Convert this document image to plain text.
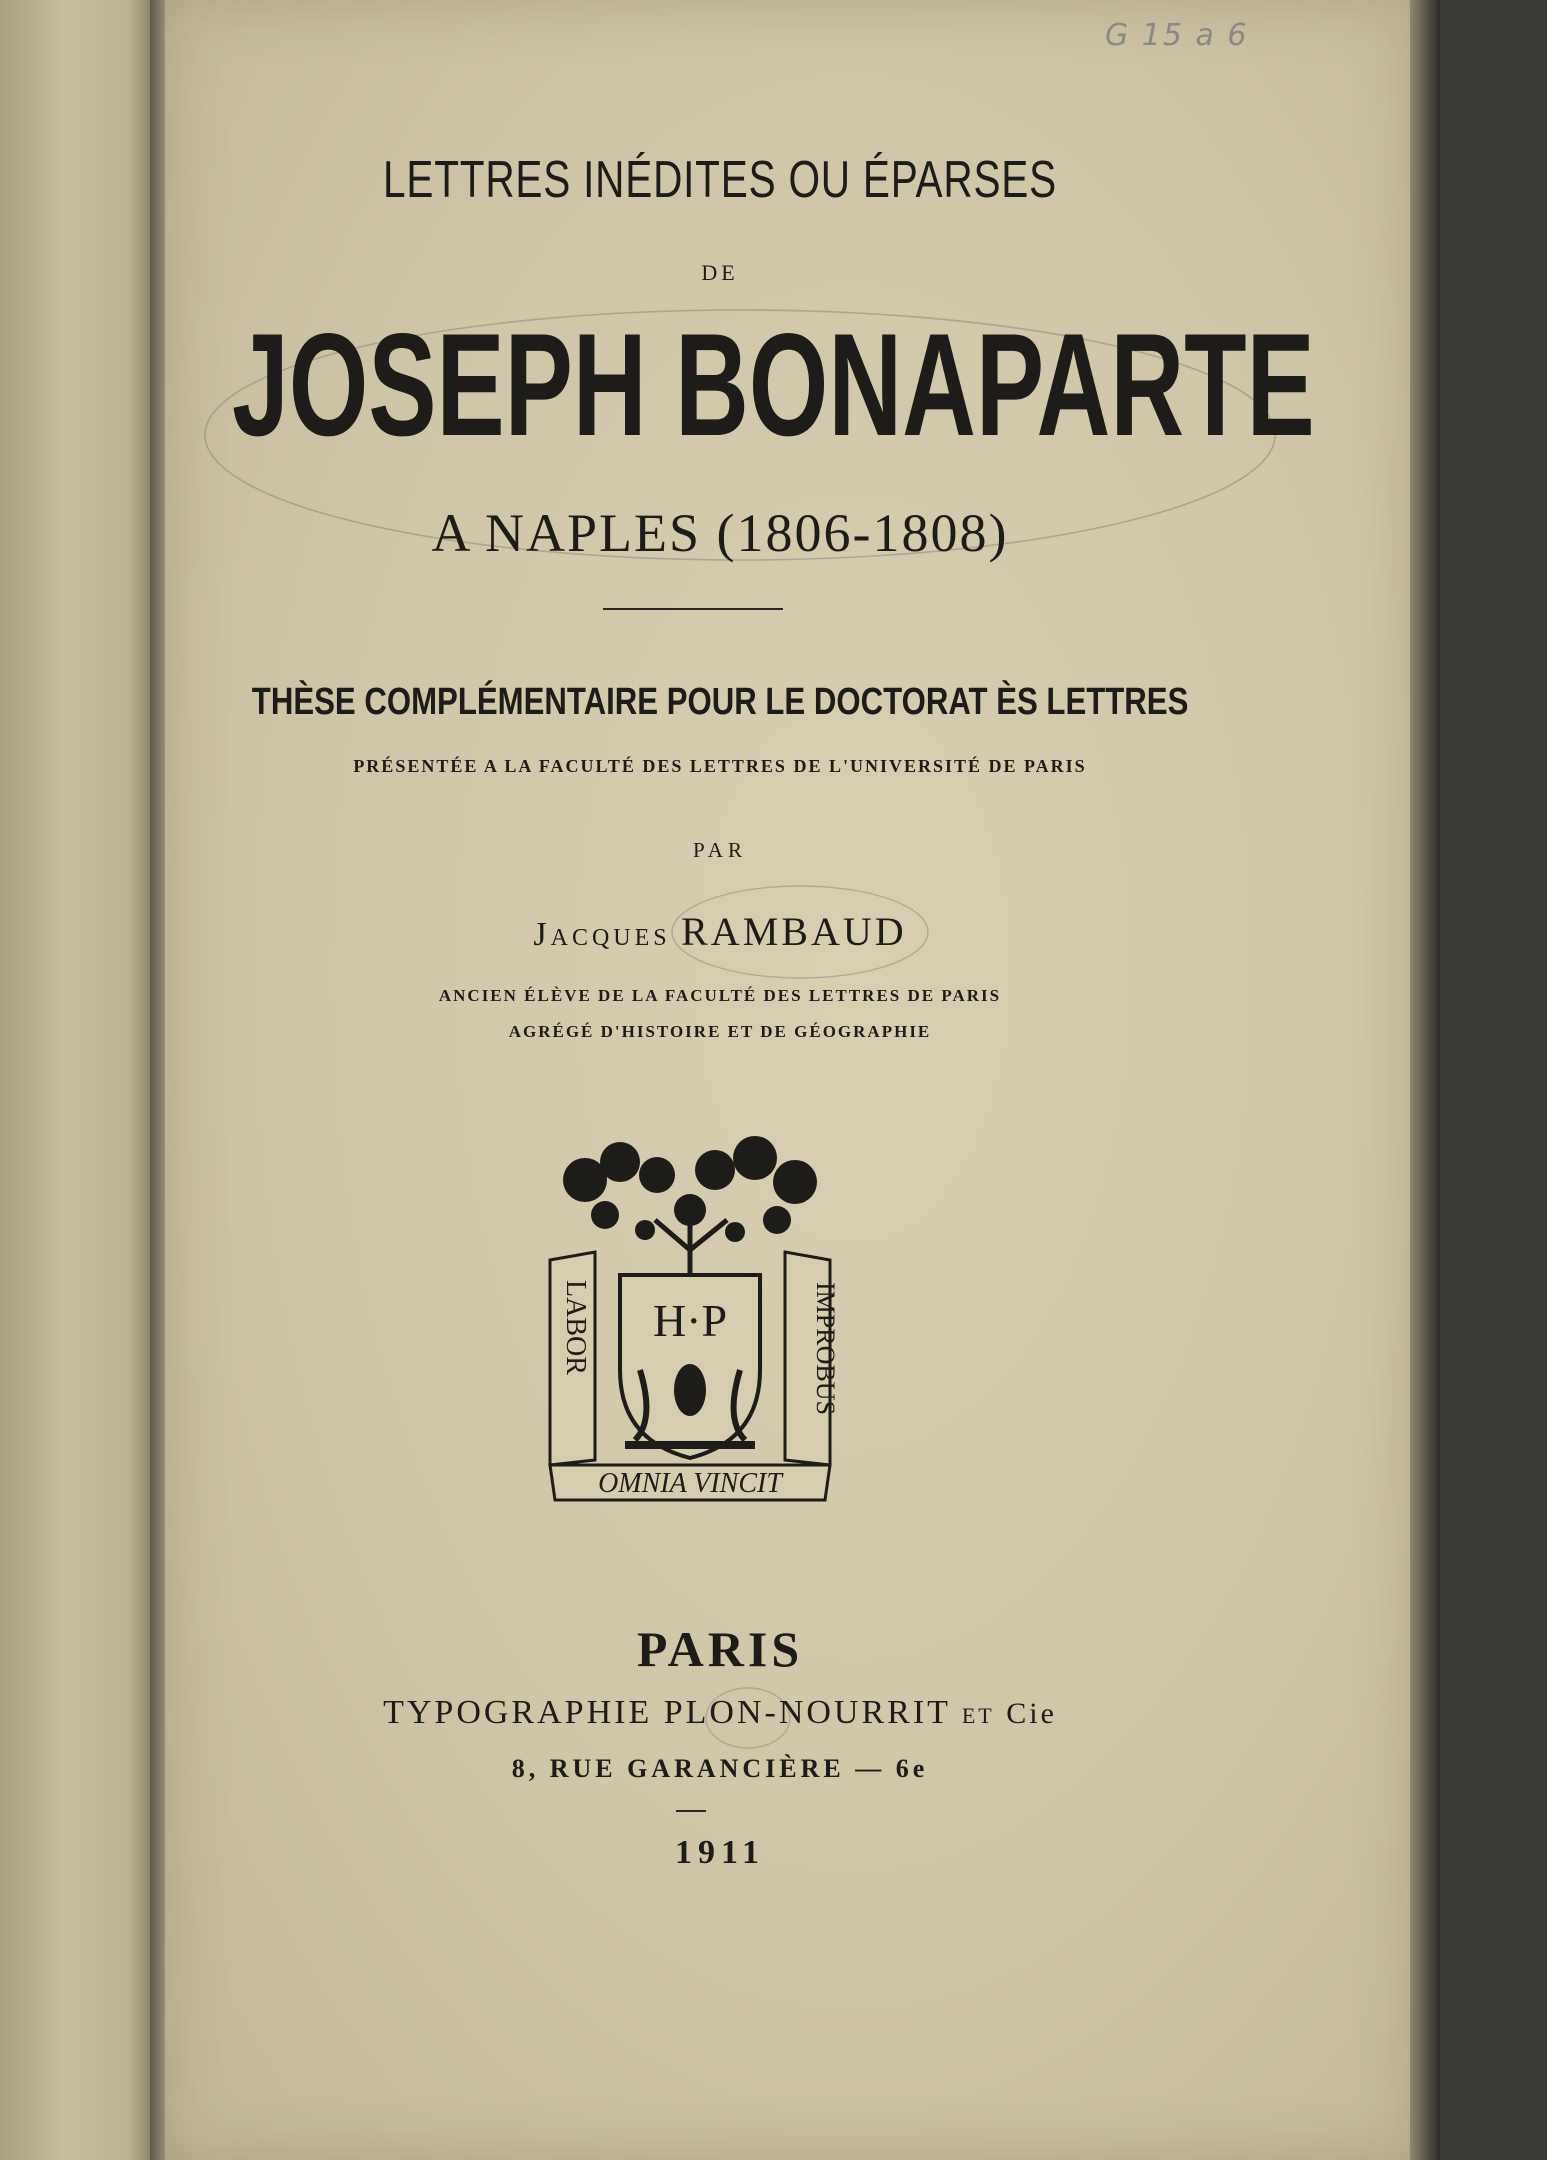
G 15 a 6
LETTRES INÉDITES OU ÉPARSES
DE
JOSEPH BONAPARTE
A NAPLES (1806-1808)
THÈSE COMPLÉMENTAIRE POUR LE DOCTORAT ÈS LETTRES
PRÉSENTÉE A LA FACULTÉ DES LETTRES DE L'UNIVERSITÉ DE PARIS
PAR
Jacques RAMBAUD
ANCIEN ÉLÈVE DE LA FACULTÉ DES LETTRES DE PARIS
AGRÉGÉ D'HISTOIRE ET DE GÉOGRAPHIE
LABOR	IMPROBUS
OMNIA VINCIT
H·P
PARIS
TYPOGRAPHIE PLON-NOURRIT ET Cie
8, RUE GARANCIÈRE — 6e
1911
